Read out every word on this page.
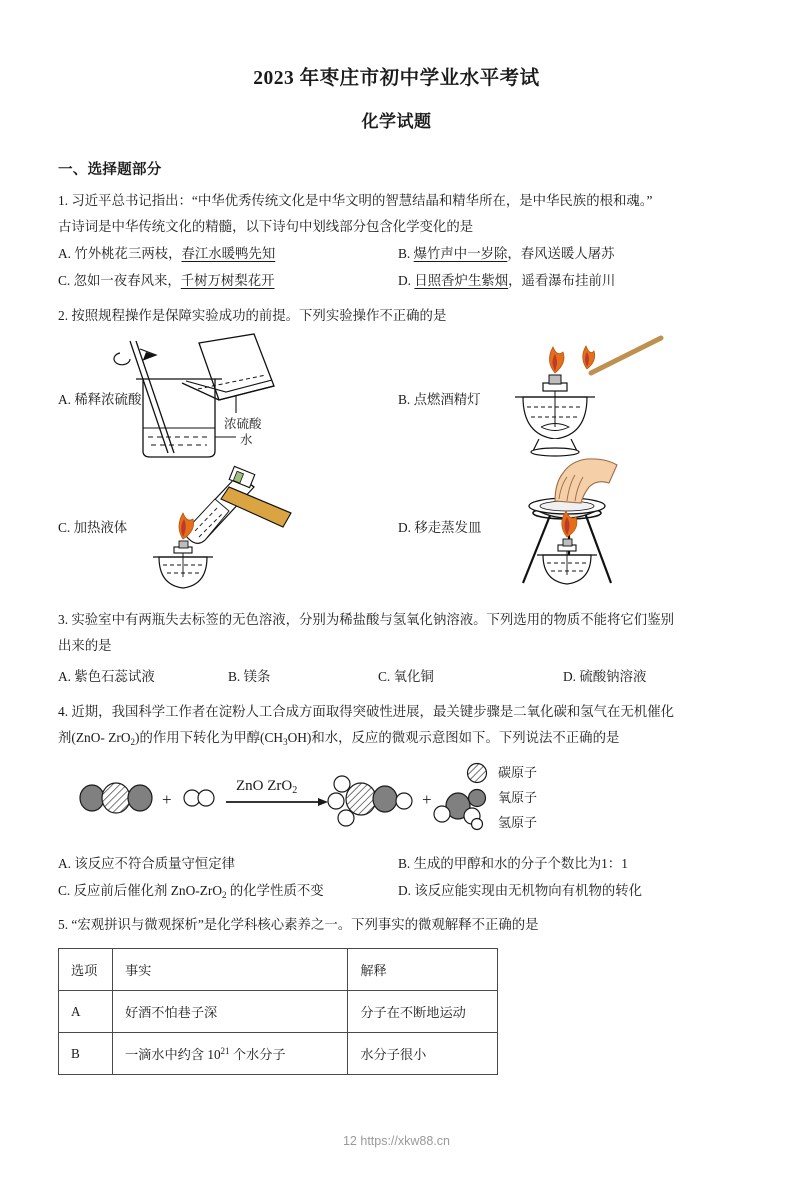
2023 年枣庄市初中学业水平考试
化学试题
一、选择题部分
1. 习近平总书记指出：“中华优秀传统文化是中华文明的智慧结晶和精华所在，是中华民族的根和魂。”
古诗词是中华传统文化的精髓，以下诗句中划线部分包含化学变化的是
A. 竹外桃花三两枝，春江水暖鸭先知	B. 爆竹声中一岁除，春风送暖人屠苏
C. 忽如一夜春风来，千树万树梨花开	D. 日照香炉生紫烟，遥看瀑布挂前川
2. 按照规程操作是保障实验成功的前提。下列实验操作不正确的是
A. 稀释浓硫酸
浓硫酸
水
B. 点燃酒精灯
C. 加热液体	D. 移走蒸发皿
3. 实验室中有两瓶失去标签的无色溶液，分别为稀盐酸与氢氧化钠溶液。下列选用的物质不能将它们鉴别
出来的是
A. 紫色石蕊试液	B. 镁条	C. 氧化铜	D. 硫酸钠溶液
4. 近期，我国科学工作者在淀粉人工合成方面取得突破性进展，最关键步骤是二氧化碳和氢气在无机催化
剂(ZnO- ZrO$_2$)的作用下转化为甲醇$(CH_3OH)$和水，反应的微观示意图如下。下列说法不正确的是
+
ZnO ZrO$_2$	+
碳原子
氧原子
氢原子
A. 该反应不符合质量守恒定律	B. 生成的甲醇和水的分子个数比为1：1
C. 反应前后催化剂 ZnO-ZrO$_2$ 的化学性质不变	D. 该反应能实现由无机物向有机物的转化
5. “宏观拼识与微观探析”是化学科核心素养之一。下列事实的微观解释不正确的是
选项	事实	解释
A	好酒不怕巷子深	分子在不断地运动
B	一滴水中约含 $10^{21}$ 个水分子	水分子很小
12 https://xkw88.cn
